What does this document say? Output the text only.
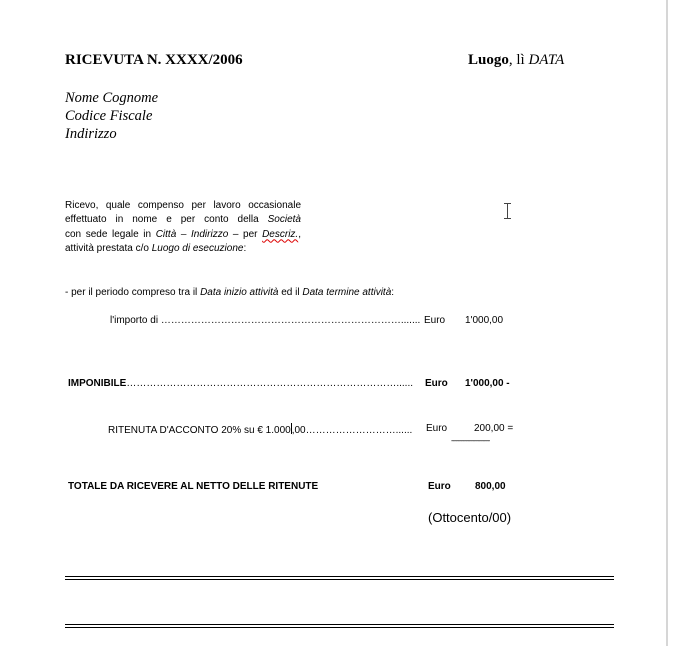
RICEVUTA N. XXXX/2006	Luogo, lì DATA
Nome Cognome
Codice Fiscale
Indirizzo
Ricevo, quale compenso per lavoro occasionale
effettuato in nome e per conto della Società
con sede legale in Città – Indirizzo – per Descriz.,
attività prestata c/o Luogo di esecuzione:
- per il periodo compreso tra il Data inizio attività ed il Data termine attività:
l'importo di ………………………………………………………………....... Euro 1'000,00
IMPONIBILE………………………………………………………………………......	Euro 1'000,00 -
RITENUTA D'ACCONTO 20% su € 1.000,00………………………......	Euro	200,00 =
-----------------------
TOTALE DA RICEVERE AL NETTO DELLE RITENUTE	Euro 800,00
(Ottocento/00)
